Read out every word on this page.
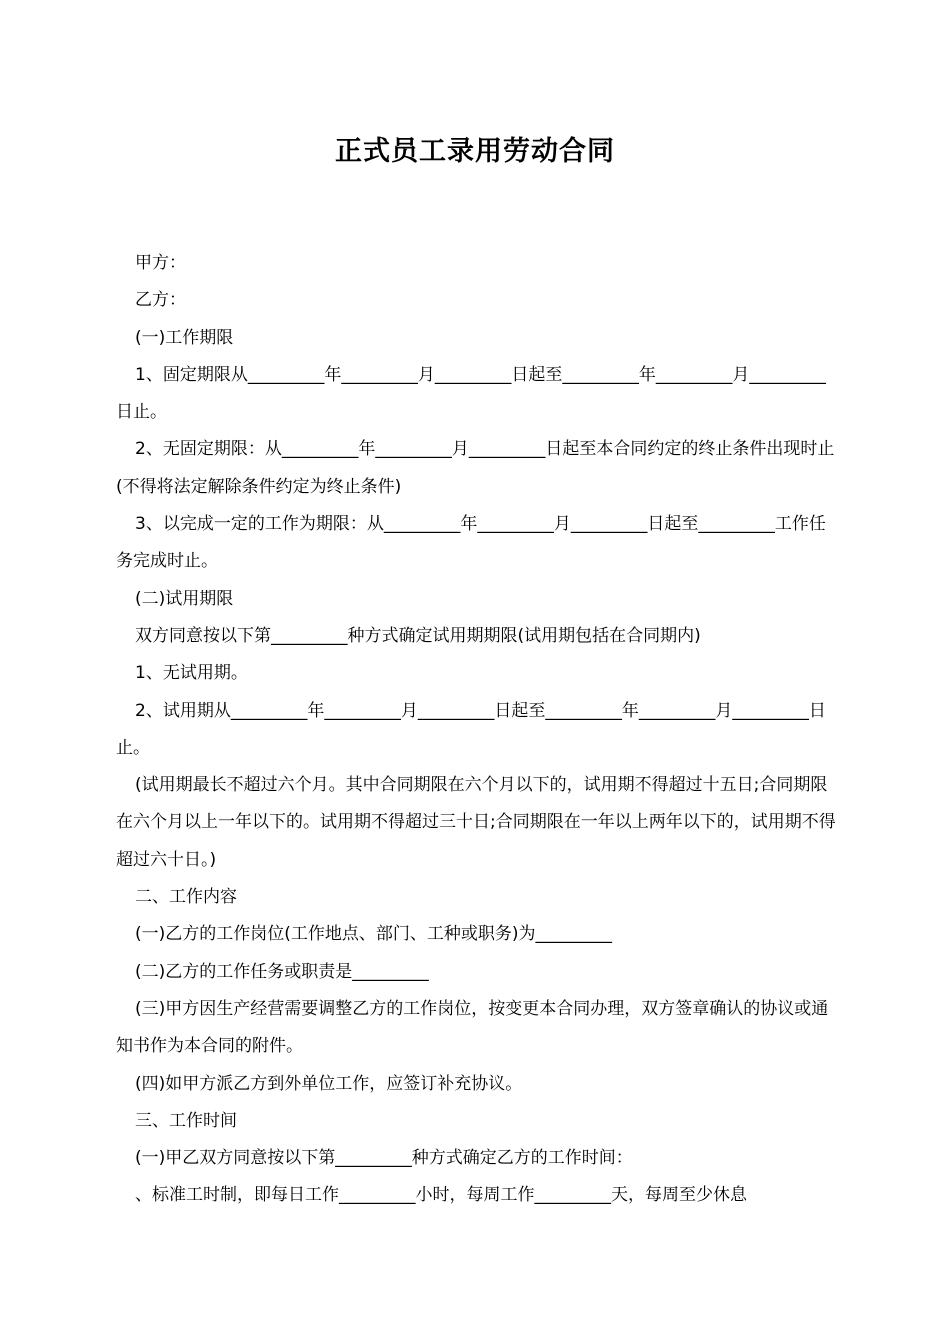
正式员工录用劳动合同

甲方：

乙方：

(一)工作期限

1、固定期限从_________年_________月_________日起至_________年_________月_________日止。

2、无固定期限：从_________年_________月_________日起至本合同约定的终止条件出现时止(不得将法定解除条件约定为终止条件)

3、以完成一定的工作为期限：从_________年_________月_________日起至_________工作任务完成时止。

(二)试用期限

双方同意按以下第_________种方式确定试用期期限(试用期包括在合同期内)

1、无试用期。

2、试用期从_________年_________月_________日起至_________年_________月_________日止。

(试用期最长不超过六个月。其中合同期限在六个月以下的，试用期不得超过十五日;合同期限在六个月以上一年以下的。试用期不得超过三十日;合同期限在一年以上两年以下的，试用期不得超过六十日。)

二、工作内容

(一)乙方的工作岗位(工作地点、部门、工种或职务)为_________

(二)乙方的工作任务或职责是_________

(三)甲方因生产经营需要调整乙方的工作岗位，按变更本合同办理，双方签章确认的协议或通知书作为本合同的附件。

(四)如甲方派乙方到外单位工作，应签订补充协议。

三、工作时间

(一)甲乙双方同意按以下第_________种方式确定乙方的工作时间：

、标准工时制，即每日工作_________小时，每周工作_________天，每周至少休息
